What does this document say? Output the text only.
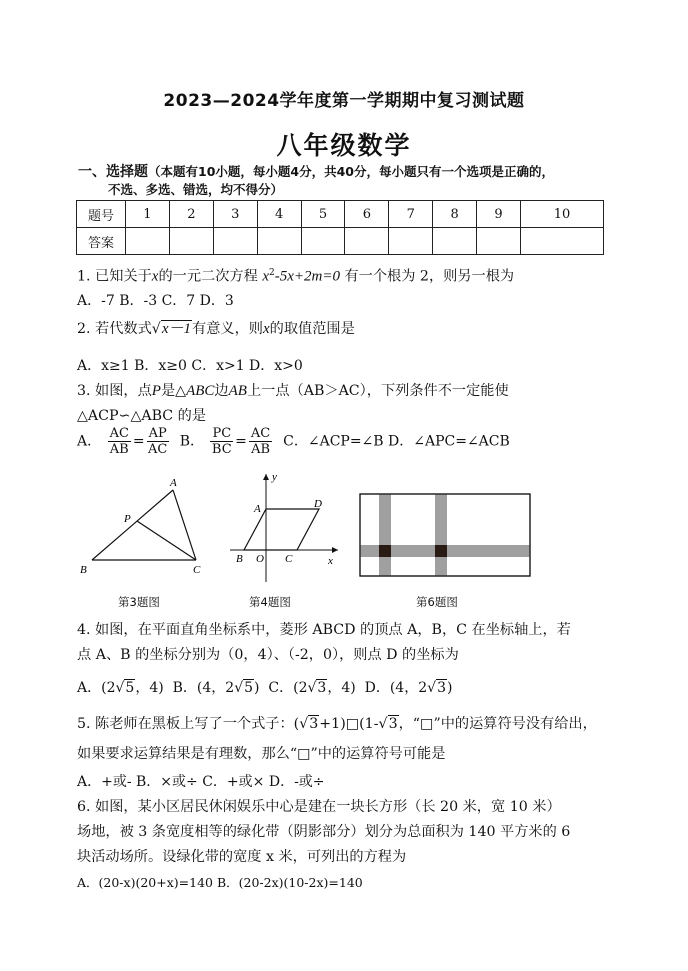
2023—2024学年度第一学期期中复习测试题
八年级数学
一、选择题（本题有10小题，每小题4分，共40分，每小题只有一个选项是正确的，
不选、多选、错选，均不得分）
题号	1	2	3	4	5	6	7	8	9	10
答案										
1. 已知关于x的一元二次方程 $x^2-5x+2m=0$ 有一个根为 2，则另一根为
A．-7 B．-3 C．7 D．3
2. 若代数式√x－1有意义，则x的取值范围是
A．x≥1 B．x≥0 C．x>1 D．x>0
3. 如图，点P是△ABC边AB上一点（AB＞AC），下列条件不一定能使
△ACP∽△ABC 的是
A． $\frac{AC}{AB} = \frac{AP}{AC}$ B． $\frac{PC}{BC} = \frac{AC}{AB}$ C．∠ACP=∠B D．∠APC=∠ACB
A
B	C
P
y
A	D
B O C	x
第3题图	第4题图	第6题图
4. 如图，在平面直角坐标系中，菱形 ABCD 的顶点 A，B，C 在坐标轴上，若
点 A、B 的坐标分别为（0，4）、（-2，0），则点 D 的坐标为
A．(2√5，4) B．(4，2√5) C．(2√3，4) D．(4，2√3)
5. 陈老师在黑板上写了一个式子：(√3+1)□(1-√3，“□”中的运算符号没有给出，
如果要求运算结果是有理数，那么“□”中的运算符号可能是
A．+或- B．×或÷ C．+或× D．-或÷
6. 如图，某小区居民休闲娱乐中心是建在一块长方形（长 20 米，宽 10 米）
场地，被 3 条宽度相等的绿化带（阴影部分）划分为总面积为 140 平方米的 6
块活动场所。设绿化带的宽度 x 米，可列出的方程为
A．(20-x)(20+x)=140 B．(20-2x)(10-2x)=140
